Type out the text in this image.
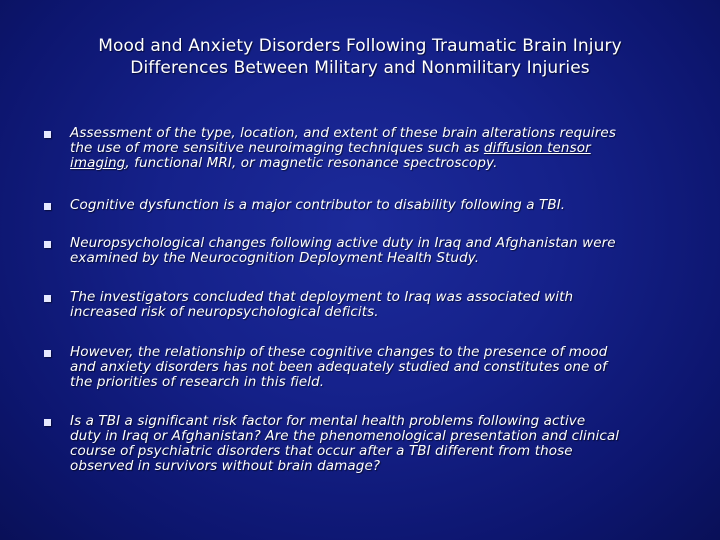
Mood and Anxiety Disorders Following Traumatic Brain Injury
Differences Between Military and Nonmilitary Injuries
Assessment of the type, location, and extent of these brain alterations requires
the use of more sensitive neuroimaging techniques such as diffusion tensor
imaging, functional MRI, or magnetic resonance spectroscopy.
Cognitive dysfunction is a major contributor to disability following a TBI.
Neuropsychological changes following active duty in Iraq and Afghanistan were
examined by the Neurocognition Deployment Health Study.
The investigators concluded that deployment to Iraq was associated with
increased risk of neuropsychological deficits.
However, the relationship of these cognitive changes to the presence of mood
and anxiety disorders has not been adequately studied and constitutes one of
the priorities of research in this field.
Is a TBI a significant risk factor for mental health problems following active
duty in Iraq or Afghanistan? Are the phenomenological presentation and clinical
course of psychiatric disorders that occur after a TBI different from those
observed in survivors without brain damage?
